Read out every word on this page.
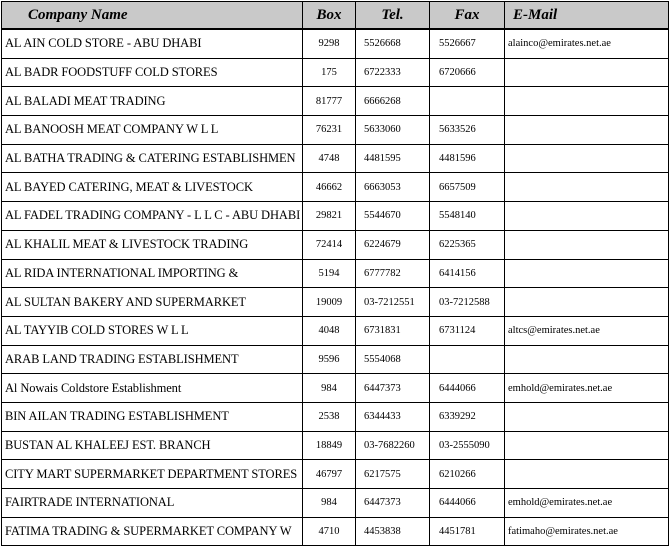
Company Name	Box	Tel.	Fax	E-Mail
AL AIN COLD STORE - ABU DHABI	9298	5526668	5526667	alainco@emirates.net.ae
AL BADR FOODSTUFF COLD STORES	175	6722333	6720666	
AL BALADI MEAT TRADING	81777	6666268		
AL BANOOSH MEAT COMPANY W L L	76231	5633060	5633526	
AL BATHA TRADING & CATERING ESTABLISHMEN	4748	4481595	4481596	
AL BAYED CATERING, MEAT & LIVESTOCK	46662	6663053	6657509	
AL FADEL TRADING COMPANY - L L C - ABU DHABI	29821	5544670	5548140	
AL KHALIL MEAT & LIVESTOCK TRADING	72414	6224679	6225365	
AL RIDA INTERNATIONAL IMPORTING &	5194	6777782	6414156	
AL SULTAN BAKERY AND SUPERMARKET	19009	03-7212551	03-7212588	
AL TAYYIB COLD STORES W L L	4048	6731831	6731124	altcs@emirates.net.ae
ARAB LAND TRADING ESTABLISHMENT	9596	5554068		
Al Nowais Coldstore Establishment	984	6447373	6444066	emhold@emirates.net.ae
BIN AILAN TRADING ESTABLISHMENT	2538	6344433	6339292	
BUSTAN AL KHALEEJ EST. BRANCH	18849	03-7682260	03-2555090	
CITY MART SUPERMARKET DEPARTMENT STORES	46797	6217575	6210266	
FAIRTRADE INTERNATIONAL	984	6447373	6444066	emhold@emirates.net.ae
FATIMA TRADING & SUPERMARKET COMPANY W	4710	4453838	4451781	fatimaho@emirates.net.ae
